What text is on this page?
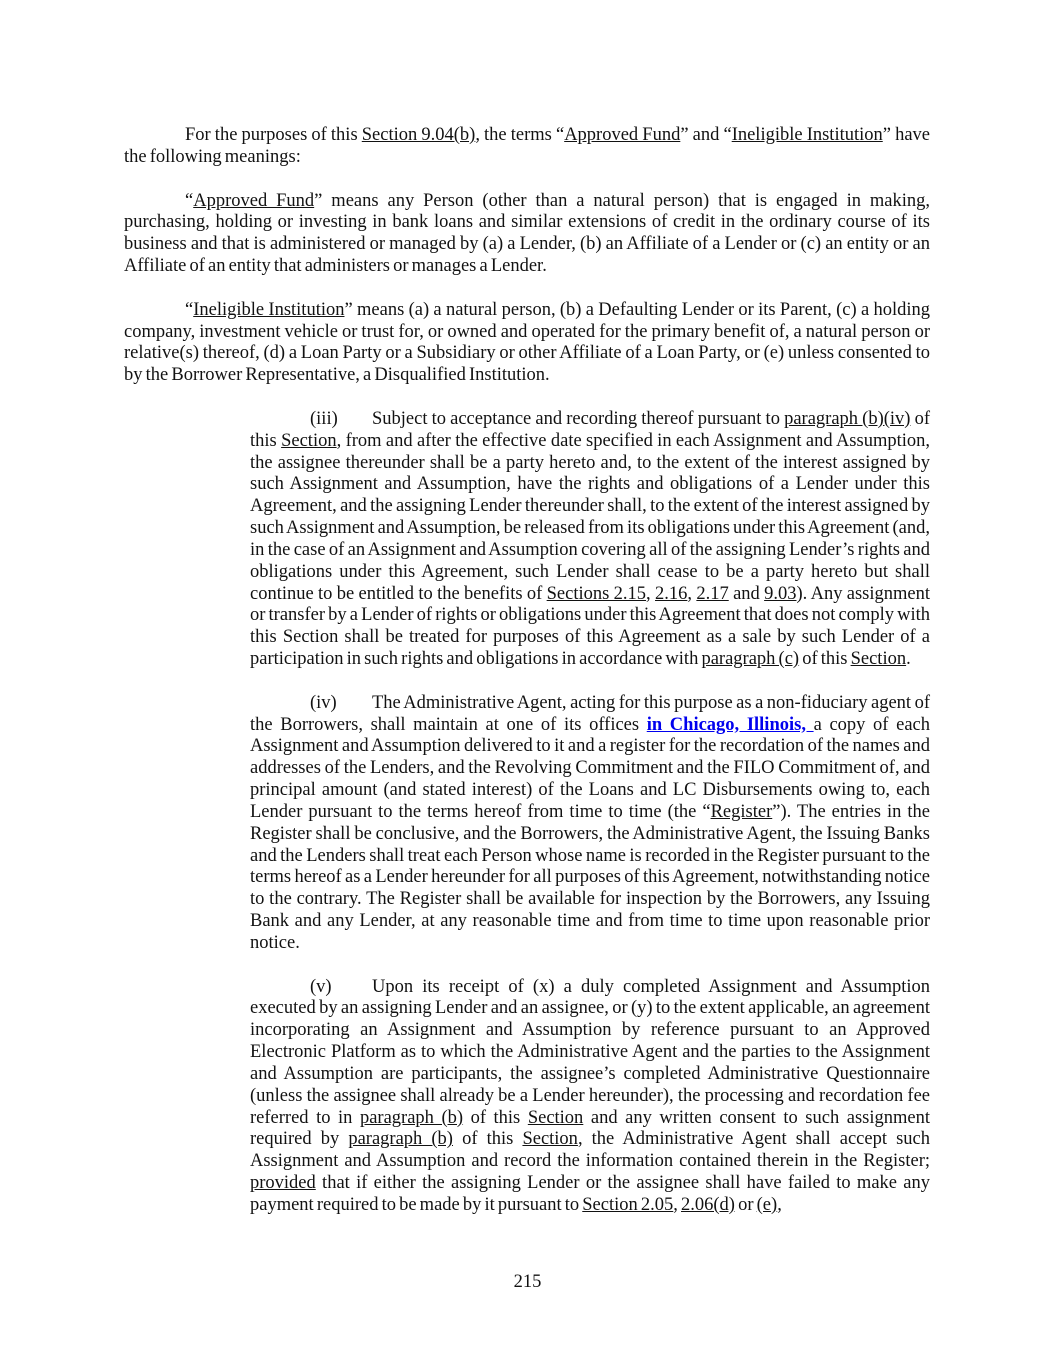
For the purposes of this Section 9.04(b), the terms “Approved Fund” and “Ineligible Institution” have the following meanings:

“Approved Fund” means any Person (other than a natural person) that is engaged in making, purchasing, holding or investing in bank loans and similar extensions of credit in the ordinary course of its business and that is administered or managed by (a) a Lender, (b) an Affiliate of a Lender or (c) an entity or an Affiliate of an entity that administers or manages a Lender.

“Ineligible Institution” means (a) a natural person, (b) a Defaulting Lender or its Parent, (c) a holding company, investment vehicle or trust for, or owned and operated for the primary benefit of, a natural person or relative(s) thereof, (d) a Loan Party or a Subsidiary or other Affiliate of a Loan Party, or (e) unless consented to by the Borrower Representative, a Disqualified Institution.

(iii) Subject to acceptance and recording thereof pursuant to paragraph (b)(iv) of this Section, from and after the effective date specified in each Assignment and Assumption, the assignee thereunder shall be a party hereto and, to the extent of the interest assigned by such Assignment and Assumption, have the rights and obligations of a Lender under this Agreement, and the assigning Lender thereunder shall, to the extent of the interest assigned by such Assignment and Assumption, be released from its obligations under this Agreement (and, in the case of an Assignment and Assumption covering all of the assigning Lender’s rights and obligations under this Agreement, such Lender shall cease to be a party hereto but shall continue to be entitled to the benefits of Sections 2.15, 2.16, 2.17 and 9.03). Any assignment or transfer by a Lender of rights or obligations under this Agreement that does not comply with this Section shall be treated for purposes of this Agreement as a sale by such Lender of a participation in such rights and obligations in accordance with paragraph (c) of this Section.

(iv) The Administrative Agent, acting for this purpose as a non-fiduciary agent of the Borrowers, shall maintain at one of its offices in Chicago, Illinois, a copy of each Assignment and Assumption delivered to it and a register for the recordation of the names and addresses of the Lenders, and the Revolving Commitment and the FILO Commitment of, and principal amount (and stated interest) of the Loans and LC Disbursements owing to, each Lender pursuant to the terms hereof from time to time (the “Register”). The entries in the Register shall be conclusive, and the Borrowers, the Administrative Agent, the Issuing Banks and the Lenders shall treat each Person whose name is recorded in the Register pursuant to the terms hereof as a Lender hereunder for all purposes of this Agreement, notwithstanding notice to the contrary. The Register shall be available for inspection by the Borrowers, any Issuing Bank and any Lender, at any reasonable time and from time to time upon reasonable prior notice.

(v) Upon its receipt of (x) a duly completed Assignment and Assumption executed by an assigning Lender and an assignee, or (y) to the extent applicable, an agreement incorporating an Assignment and Assumption by reference pursuant to an Approved Electronic Platform as to which the Administrative Agent and the parties to the Assignment and Assumption are participants, the assignee’s completed Administrative Questionnaire (unless the assignee shall already be a Lender hereunder), the processing and recordation fee referred to in paragraph (b) of this Section and any written consent to such assignment required by paragraph (b) of this Section, the Administrative Agent shall accept such Assignment and Assumption and record the information contained therein in the Register; provided that if either the assigning Lender or the assignee shall have failed to make any payment required to be made by it pursuant to Section 2.05, 2.06(d) or (e),

215
